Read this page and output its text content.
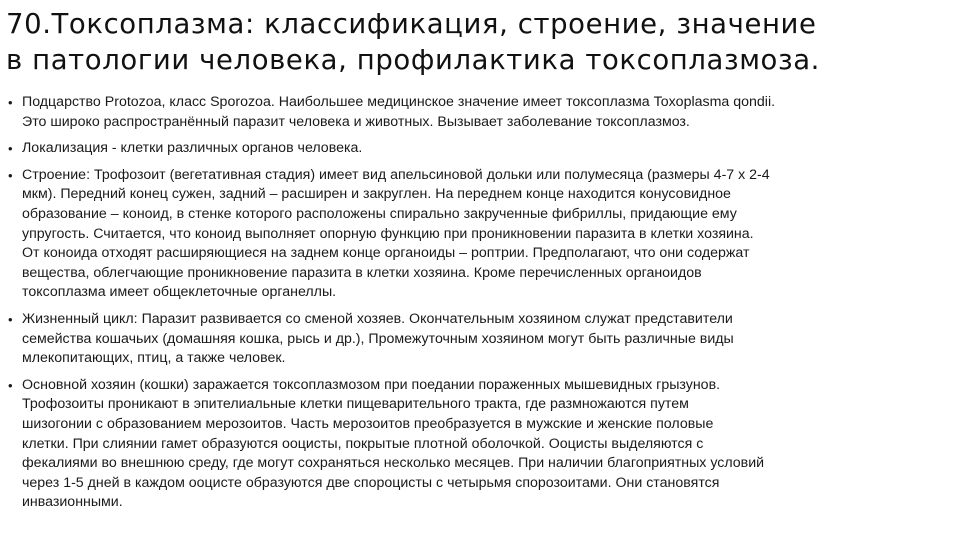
70.Токсоплазма: классификация, строение, значение
в патологии человека, профилактика токсоплазмоза.
• Подцарство Protozoa, класс Sporozoa. Наибольшее медицинское значение имеет токсоплазма Toxoplasma qondii.
Это широко распространённый паразит человека и животных. Вызывает заболевание токсоплазмоз.
• Локализация - клетки различных органов человека.
• Строение: Трофозоит (вегетативная стадия) имеет вид апельсиновой дольки или полумесяца (размеры 4-7 х 2-4
мкм). Передний конец сужен, задний – расширен и закруглен. На переднем конце находится конусовидное
образование – коноид, в стенке которого расположены спирально закрученные фибриллы, придающие ему
упругость. Считается, что коноид выполняет опорную функцию при проникновении паразита в клетки хозяина.
От коноида отходят расширяющиеся на заднем конце органоиды – роптрии. Предполагают, что они содержат
вещества, облегчающие проникновение паразита в клетки хозяина. Кроме перечисленных органоидов
токсоплазма имеет общеклеточные органеллы.
• Жизненный цикл: Паразит развивается со сменой хозяев. Окончательным хозяином служат представители
семейства кошачьих (домашняя кошка, рысь и др.), Промежуточным хозяином могут быть различные виды
млекопитающих, птиц, а также человек.
• Основной хозяин (кошки) заражается токсоплазмозом при поедании пораженных мышевидных грызунов.
Трофозоиты проникают в эпителиальные клетки пищеварительного тракта, где размножаются путем
шизогонии с образованием мерозоитов. Часть мерозоитов преобразуется в мужские и женские половые
клетки. При слиянии гамет образуются ооцисты, покрытые плотной оболочкой. Ооцисты выделяются с
фекалиями во внешнюю среду, где могут сохраняться несколько месяцев. При наличии благоприятных условий
через 1-5 дней в каждом ооцисте образуются две спороцисты с четырьмя спорозоитами. Они становятся
инвазионными.
